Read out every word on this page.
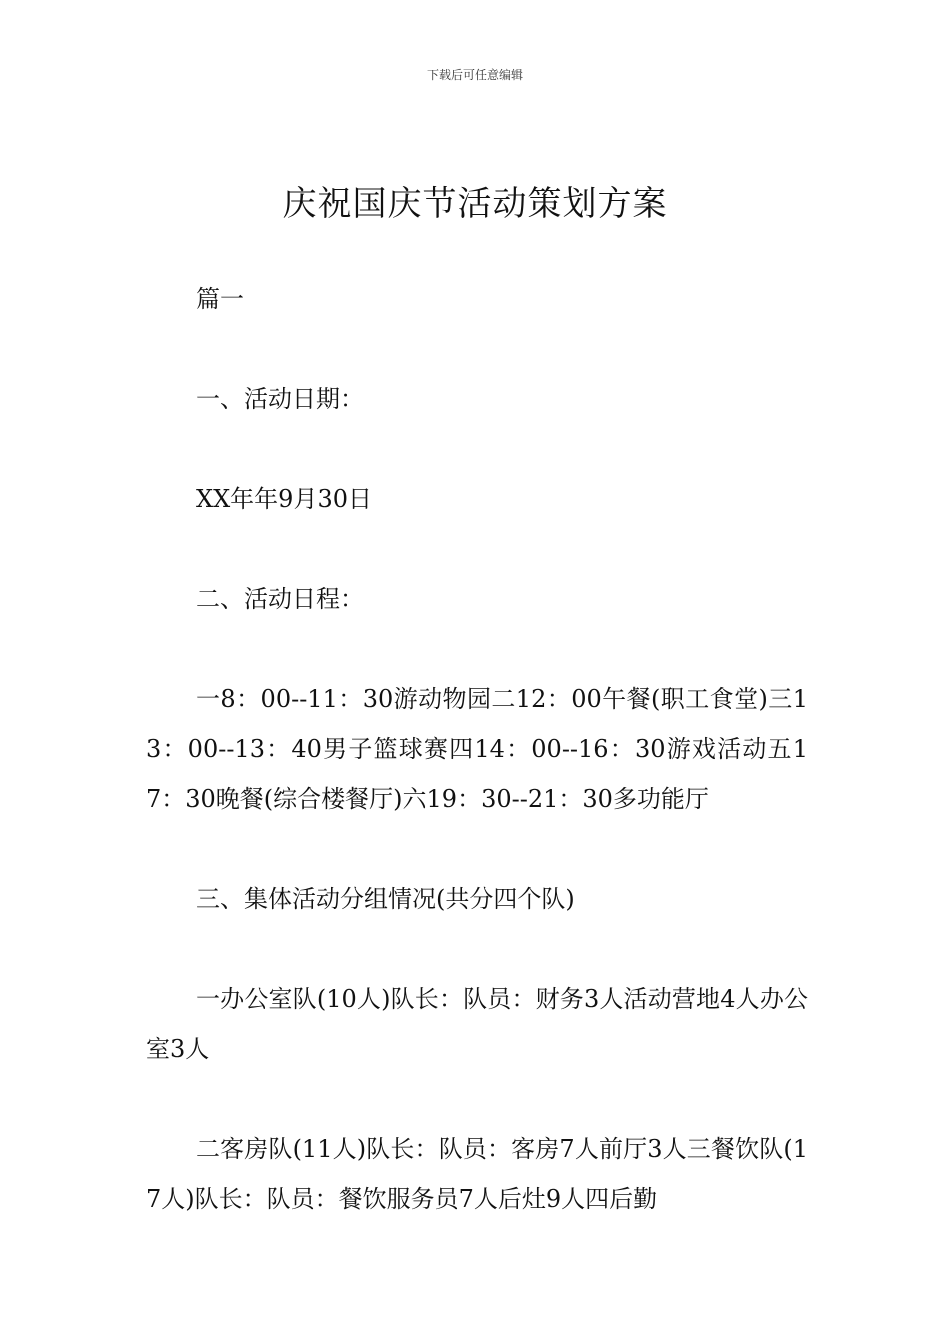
下载后可任意编辑
庆祝国庆节活动策划方案

篇一

一、活动日期：

XX年年9月30日

二、活动日程：

一8：00--11：30游动物园二12：00午餐(职工食堂)三13：00--13：40男子篮球赛四14：00--16：30游戏活动五17：30晚餐(综合楼餐厅)六19：30--21：30多功能厅

三、集体活动分组情况(共分四个队)

一办公室队(10人)队长：队员：财务3人活动营地4人办公室3人

二客房队(11人)队长：队员：客房7人前厅3人三餐饮队(17人)队长：队员：餐饮服务员7人后灶9人四后勤
